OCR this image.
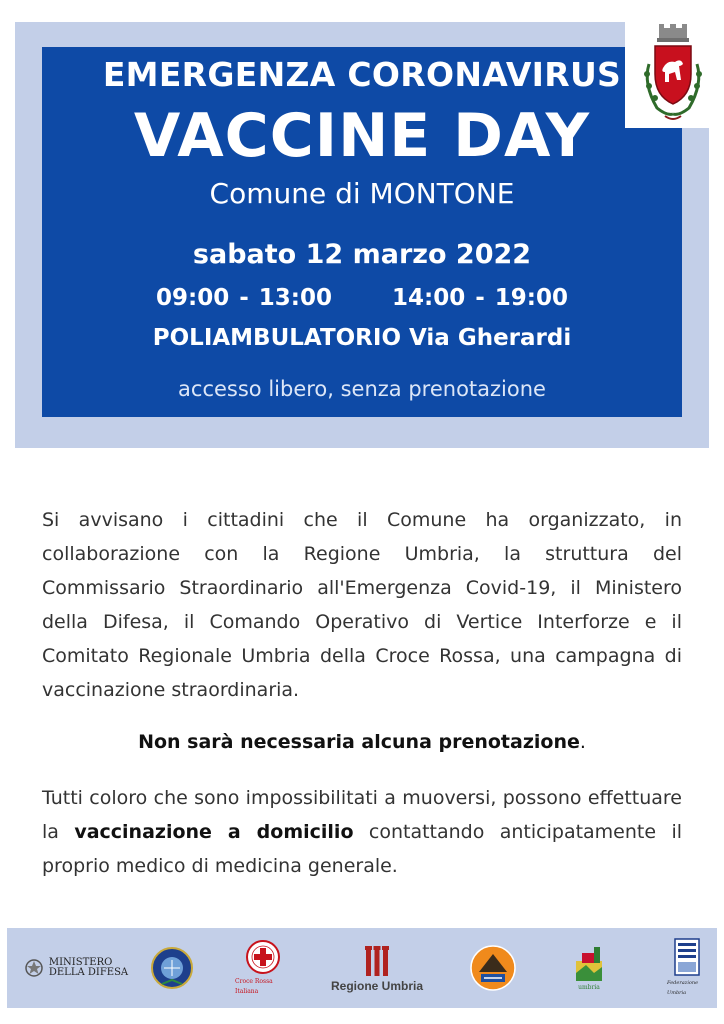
EMERGENZA CORONAVIRUS
VACCINE DAY
Comune di MONTONE
sabato 12 marzo 2022
09:00 - 13:00	14:00 - 19:00
POLIAMBULATORIO Via Gherardi
accesso libero, senza prenotazione

Si avvisano i cittadini che il Comune ha organizzato, in collaborazione con la Regione Umbria, la struttura del Commissario Straordinario all'Emergenza Covid-19, il Ministero della Difesa, il Comando Operativo di Vertice Interforze e il Comitato Regionale Umbria della Croce Rossa, una campagna di vaccinazione straordinaria.

Non sarà necessaria alcuna prenotazione.

Tutti coloro che sono impossibilitati a muoversi, possono effettuare la vaccinazione a domicilio contattando anticipatamente il proprio medico di medicina generale.

MINISTERO
DELLA DIFESA
Croce Rossa Italiana	Regione Umbria	umbria
Federazione Umbria
